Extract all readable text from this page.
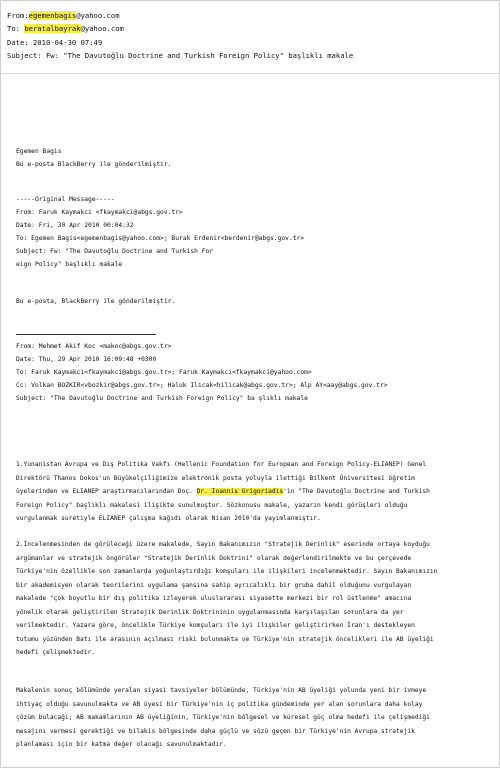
From:egemenbagis@yahoo.com
To: beratalbayrak@yahoo.com
Date: 2010-04-30 07:49
Subject: Fw: "The Davutoğlu Doctrine and Turkish Foreign Policy" başlıklı makale
Egemen Bagis
Bu e-posta BlackBerry ile gönderilmiştir.
-----Original Message-----
From: Faruk Kaymakci <fkaymakci@abgs.gov.tr>
Date: Fri, 30 Apr 2010 00:04:32
To: Egemen Bagis<egemenbagis@yahoo.com>; Burak Erdenir<berdenir@abgs.gov.tr>
Subject: Fw: "The Davutoğlu Doctrine and Turkish For
eign Policy" başlıklı makale
Bu e-posta, BlackBerry ile gönderilmiştir.
From: Mehmet Akif Koc <makoc@abgs.gov.tr>
Date: Thu, 29 Apr 2010 16:09:48 +0300
To: Faruk Kaymakci<fkaymakci@abgs.gov.tr>; Faruk Kaymakci<fkaymakci@yahoo.com>
Cc: Volkan BOZKIR<vbozkir@abgs.gov.tr>; Haluk Ilicak<hilicak@abgs.gov.tr>; Alp AY<aay@abgs.gov.tr>
Subject: "The Davutoğlu Doctrine and Turkish Foreign Policy" ba şlıklı makale
1.Yunanistan Avrupa ve Dış Politika Vakfı (Hellenic Foundation for European and Foreign Policy-ELIANEP) Genel
Direktörü Thanos Dokos'un Büyükelçiliğimize elektronik posta yoluyla ilettiği Bilkent Üniversitesi öğretim
üyelerinden ve ELIANEP araştırmacılarından Doç. Dr. Ioannis Grigoriadis'in "The Davutoğlu Doctrine and Turkish
Foreign Policy" başlıklı makalesi ilişikte sunulmuştur. Sözkonusu makale, yazarın kendi görüşleri olduğu
vurgulanmak suretiyle ELIANEP çalışma kağıdı olarak Nisan 2010'da yayımlanmıştır.
2.İncelenmesinden de görüleceği üzere makalede, Sayın Bakanımızın "Stratejik Derinlik" eserinde ortaya koyduğu
argümanlar ve stratejik öngörüler "Stratejik Derinlik Doktrini" olarak değerlendirilmekte ve bu çerçevede
Türkiye'nin özellikle son zamanlarda yoğunlaştırdığı komşuları ile ilişkileri incelenmektedir. Sayın Bakanımızın
bir akademisyen olarak teorilerini uygulama şansına sahip ayrıcalıklı bir gruba dahil olduğunu vurgulayan
makalede "çok boyutlu bir dış politika izleyerek uluslararası siyasette merkezi bir rol üstlenme" amacına
yönelik olarak geliştirilen Stratejik Derinlik Doktrininin uygulanmasında karşılaşılan sorunlara da yer
verilmektedir. Yazara göre, öncelikle Türkiye komşuları ile iyi ilişkiler geliştirirken İran'ı destekleyen
tutumu yüzünden Batı ile arasının açılması riski bulunmakta ve Türkiye'nin stratejik öncelikleri ile AB üyeliği
hedefi çelişmektedir.
Makalenin sonuç bölümünde yeralan siyasi tavsiyeler bölümünde, Türkiye'nin AB üyeliği yolunda yeni bir ivmeye
ihtiyaç olduğu savunulmakta ve AB üyesi bir Türkiye'nin iç politika gündeminde yer alan sorunlara daha kolay
çözüm bulacağı; AB makamlarının AB üyeliğinin, Türkiye'nin bölgesel ve küresel güç olma hedefi ile çelişmediği
mesajını vermesi gerektiği ve bilakis bölgesinde daha güçlü ve sözü geçen bir Türkiye'nin Avrupa stratejik
planlaması için bir katma değer olacağı savunulmaktadır.
